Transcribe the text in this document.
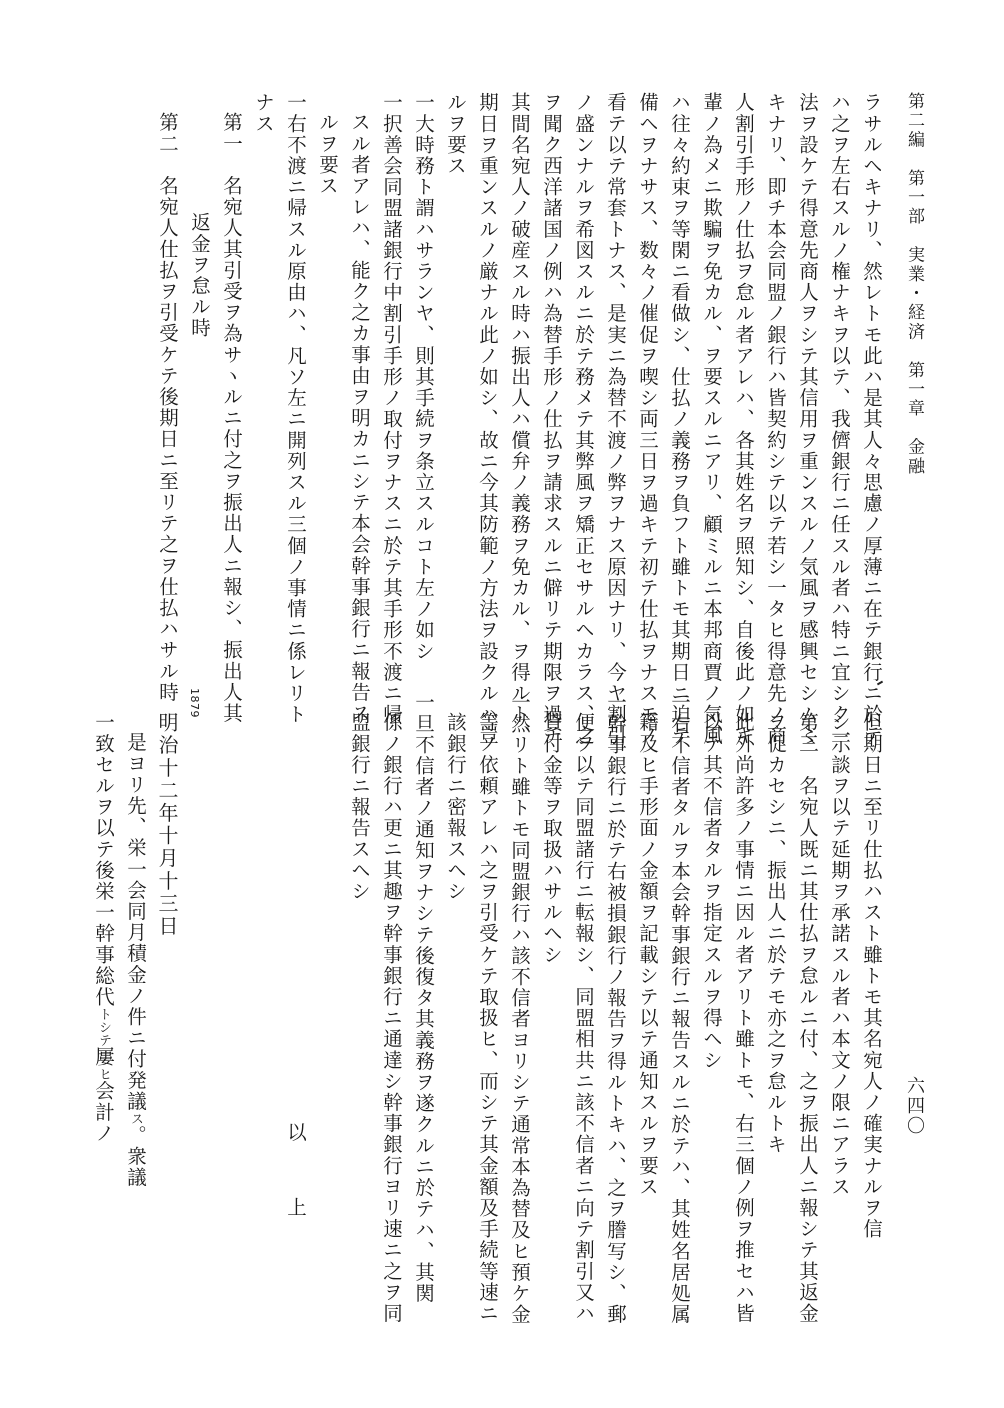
第二編　第一部　実業・経済　第一章　金融
六四〇
ラサルヘキナリ、然レトモ此ハ是其人々思慮ノ厚薄ニ在テ銀行ニ於テ
ハ之ヲ左右スルノ権ナキヲ以テ、我儕銀行ニ任スル者ハ特ニ宜シク一
法ヲ設ケテ得意先商人ヲシテ其信用ヲ重ンスルノ気風ヲ感興セシム〻
キナリ、即チ本会同盟ノ銀行ハ皆契約シテ以テ若シ一タヒ得意先ノ商
人割引手形ノ仕払ヲ怠ル者アレハ、各其姓名ヲ照知シ、自後此ノ如キ
輩ノ為メニ欺騙ヲ免カル、ヲ要スルニアリ、顧ミルニ本邦商賈ノ気風
ハ往々約束ヲ等閑ニ看做シ、仕払ノ義務ヲ負フト雖トモ其期日ニ迫テ
備ヘヲナサス、数々ノ催促ヲ喫シ両三日ヲ過キテ初テ仕払ヲナスモノ
看テ以テ常套トナス、是実ニ為替不渡ノ弊ヲナス原因ナリ、今ヤ割引
ノ盛ンナルヲ希図スルニ於テ務メテ其弊風ヲ矯正セサルヘカラス、之
ヲ聞ク西洋諸国ノ例ハ為替手形ノ仕払ヲ請求スルニ僻リテ期限ヲ過チ
其間名宛人ノ破産スル時ハ振出人ハ償弁ノ義務ヲ免カル、ヲ得ルト、
期日ヲ重ンスルノ厳ナル此ノ如シ、故ニ今其防範ノ方法ヲ設クルハ豈
ルヲ要ス
一大時務ト謂ハサランヤ、則其手続ヲ条立スルコト左ノ如シ
一択善会同盟諸銀行中割引手形ノ取付ヲナスニ於テ其手形不渡ニ帰
スル者アレハ、能ク之カ事由ヲ明カニシテ本会幹事銀行ニ報告ス
ルヲ要ス
一右不渡ニ帰スル原由ハ、凡ソ左ニ開列スル三個ノ事情ニ係レリト
ナス
第一　名宛人其引受ヲ為サヽルニ付之ヲ振出人ニ報シ、振出人其
返金ヲ怠ル時
第二　名宛人仕払ヲ引受ケテ後期日ニ至リテ之ヲ仕払ハサル時
但期日ニ至リ仕払ハスト雖トモ其名宛人ノ確実ナルヲ信
シ示談ヲ以テ延期ヲ承諾スル者ハ本文ノ限ニアラス
第三　名宛人既ニ其仕払ヲ怠ルニ付、之ヲ振出人ニ報シテ其返金
ヲ促カセシニ、振出人ニ於テモ亦之ヲ怠ルトキ
此外尚許多ノ事情ニ因ル者アリト雖トモ、右三個ノ例ヲ推セハ皆
以テ其不信者タルヲ指定スルヲ得ヘシ
一右不信者タルヲ本会幹事銀行ニ報告スルニ於テハ、其姓名居処属
籍及ヒ手形面ノ金額ヲ記載シテ以テ通知スルヲ要ス
一幹事銀行ニ於テ右被損銀行ノ報告ヲ得ルトキハ、之ヲ謄写シ、郵
便ヲ以テ同盟諸行ニ転報シ、同盟相共ニ該不信者ニ向テ割引又ハ
貸付金等ヲ取扱ハサルヘシ
一然リト雖トモ同盟銀行ハ該不信者ヨリシテ通常本為替及ヒ預ケ金
等ノ依頼アレハ之ヲ引受ケテ取扱ヒ、而シテ其金額及手続等速ニ
該銀行ニ密報スヘシ
一旦不信者ノ通知ヲナシテ後復タ其義務ヲ遂クルニ於テハ、其関
係ノ銀行ハ更ニ其趣ヲ幹事銀行ニ通達シ幹事銀行ヨリ速ニ之ヲ同
盟銀行ニ報告スヘシ
以　上
1879
明治十二年十月十三日
是ヨリ先、栄一会同月積金ノ件ニ付発議ス。衆議
一致セルヲ以テ後栄一幹事総代トシテ屢ヒ会計ノ
